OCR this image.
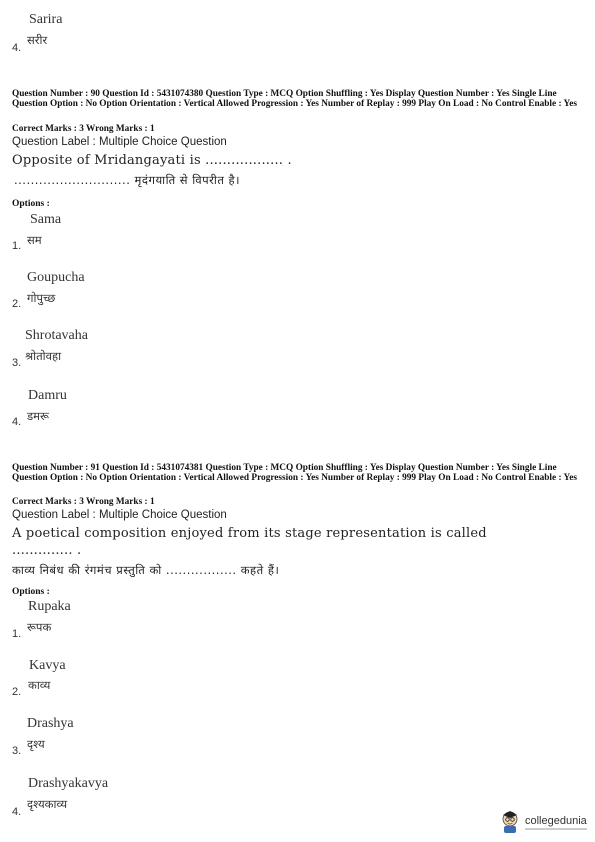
Sarira
4.
सरीर
Question Number : 90 Question Id : 5431074380 Question Type : MCQ Option Shuffling : Yes Display Question Number : Yes Single Line Question Option : No Option Orientation : Vertical Allowed Progression : Yes Number of Replay : 999 Play On Load : No Control Enable : Yes
Correct Marks : 3 Wrong Marks : 1
Question Label : Multiple Choice Question
Opposite of Mridangayati is .................. .
............................ मृदंगयाति से विपरीत है।
Options :
Sama
1. सम
Goupucha
2. गोपुच्छ
Shrotavaha
3. श्रोतोवहा
Damru
4. डमरू
Question Number : 91 Question Id : 5431074381 Question Type : MCQ Option Shuffling : Yes Display Question Number : Yes Single Line Question Option : No Option Orientation : Vertical Allowed Progression : Yes Number of Replay : 999 Play On Load : No Control Enable : Yes
Correct Marks : 3 Wrong Marks : 1
Question Label : Multiple Choice Question
A poetical composition enjoyed from its stage representation is called
.............. .
काव्य निबंध की रंगमंच प्रस्तुति को ................. कहते हैं।
Options :
Rupaka
1. रूपक
Kavya
2. काव्य
Drashya
3. दृश्य
Drashyakavya
4.
दृश्यकाव्य
collegedunia
